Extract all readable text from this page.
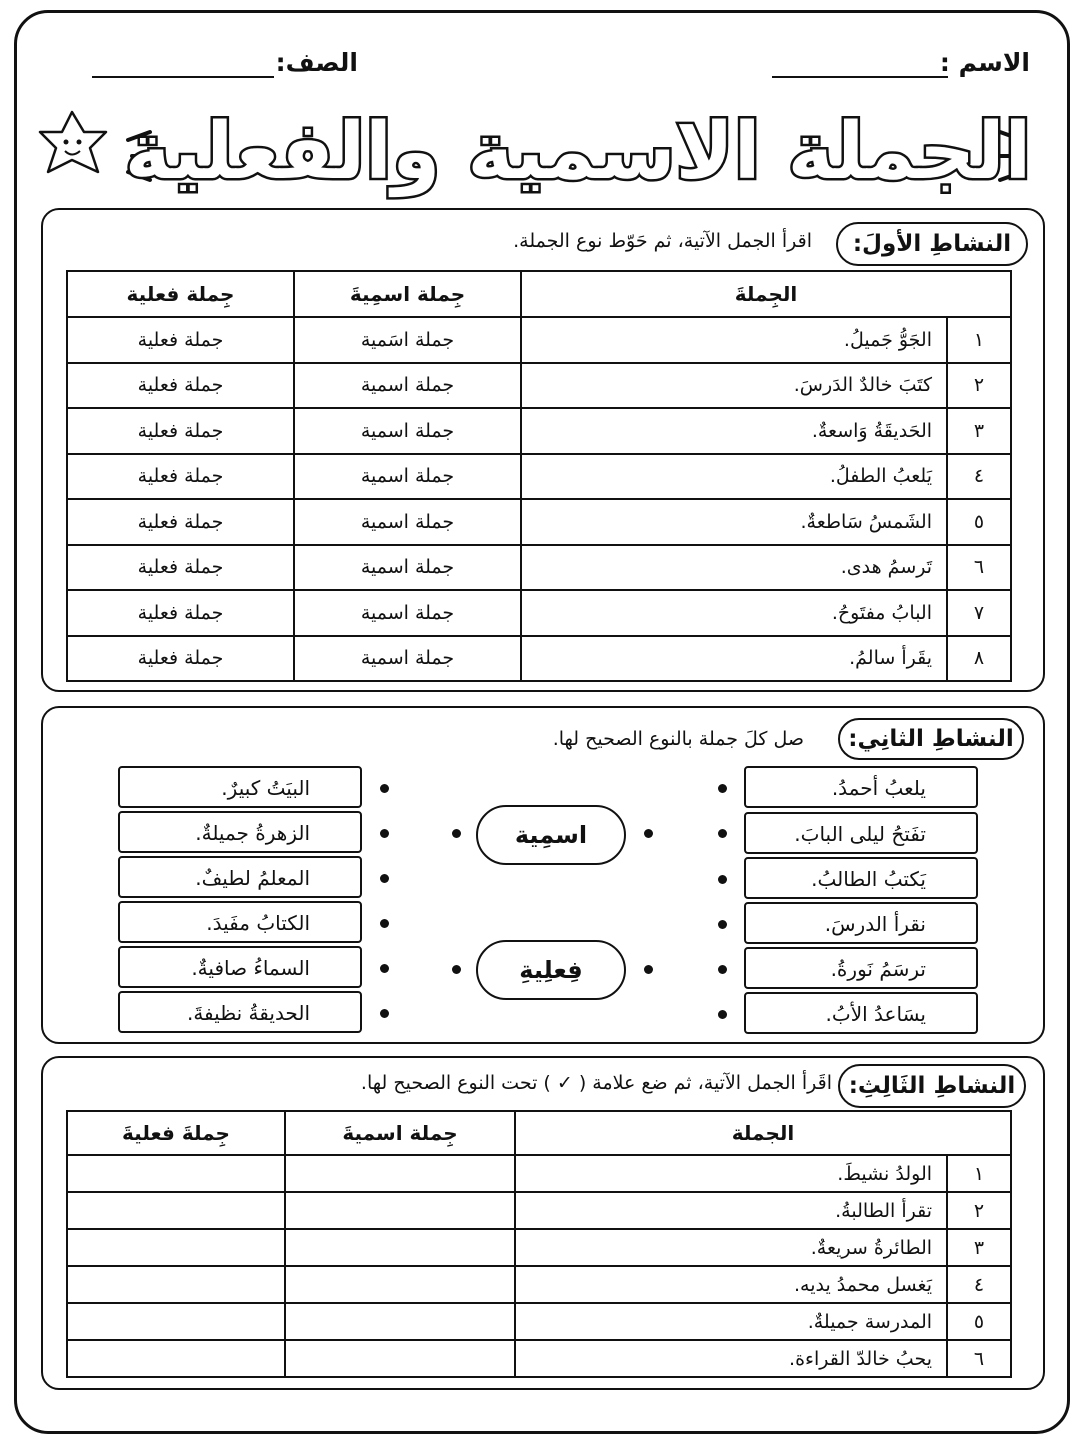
الاسم :
الصف:
الجملة الاسمية والفعلية
النشاطِ الأولَ:
اقرأ الجمل الآتية، ثم حَوّط نوع الجملة.
الجِملةَ		جِملة اسمِيةَ	جِملة فعلية
١	الجَوُّ جَميلُ.	جملة اسَمية	جملة فعلية
٢	كتَبَ خالدٌ الدَرسَ.	جملة اسمية	جملة فعلية
٣	الحَديقَةُ وَاسعةٌ.	جملة اسمية	جملة فعلية
٤	يَلعبُ الطفلُ.	جملة اسمية	جملة فعلية
٥	الشَمسُ سَاطعةٌ.	جملة اسمية	جملة فعلية
٦	تَرسمُ هدى.	جملة اسمية	جملة فعلية
٧	البابُ مفتَوحُ.	جملة اسمية	جملة فعلية
٨	يقَرأ سالمُ.	جملة اسمية	جملة فعلية
النشاطِ الثانِي:
صل كلَ جملة بالنوع الصحيح لها.
يلعبُ أحمدُ.
تفَتحُ ليلى البابَ.
يَكتبُ الطالبُ.
نقرأ الدرسَ.
ترسَمُ نَورةُ.
يسَاعدُ الأبُ.
البيَتُ كبيرٌ.
الزهرةُ جميلةٌ.
المعلمُ لطيفٌ.
الكتابُ مفَيدَ.
السماءُ صافيةٌ.
الحديقةُ نظيفةَ.
اسمِية
فِعلِيةِ
النشاطِ الثَالِثِ:
اقَرأ الجمل الآتية، ثم ضع علامة ( ✓ ) تحت النوع الصحيح لها.
الجملة		جِملة اسميةَ	جِملةَ فعليةَ
١	الولدُ نشيطَ.		
٢	تقرأ الطالبةُ.		
٣	الطائرةُ سريعةٌ.		
٤	يَغسل محمدُ يديه.		
٥	المدرسة جميلةٌ.		
٦	يحبُ خالدّ القراءة.		
